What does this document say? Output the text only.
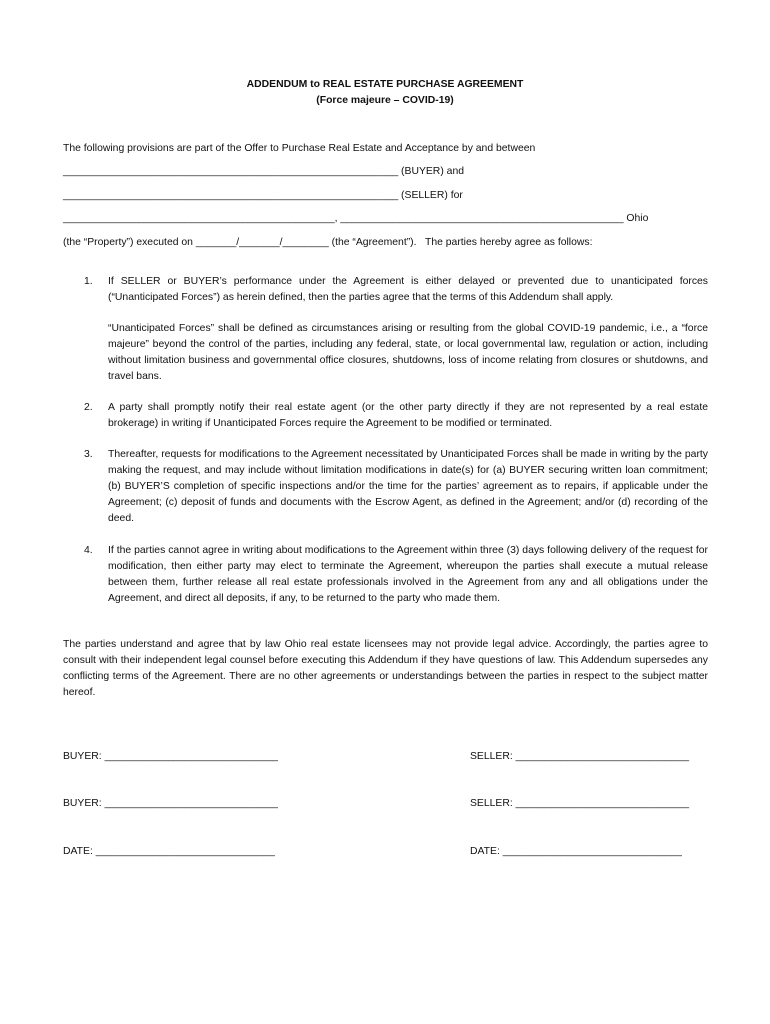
ADDENDUM to REAL ESTATE PURCHASE AGREEMENT
(Force majeure – COVID-19)
The following provisions are part of the Offer to Purchase Real Estate and Acceptance by and between
__________________________________________________________ (BUYER) and
__________________________________________________________ (SELLER) for
_______________________________________________, _________________________________________________ Ohio
(the “Property”) executed on _______/_______/________ (the “Agreement”).   The parties hereby agree as follows:
1.	If SELLER or BUYER’s performance under the Agreement is either delayed or prevented due to unanticipated forces (“Unanticipated Forces”) as herein defined, then the parties agree that the terms of this Addendum shall apply.
“Unanticipated Forces” shall be defined as circumstances arising or resulting from the global COVID-19 pandemic, i.e., a “force majeure” beyond the control of the parties, including any federal, state, or local governmental law, regulation or action, including without limitation business and governmental office closures, shutdowns, loss of income relating from closures or shutdowns, and travel bans.
2.	A party shall promptly notify their real estate agent (or the other party directly if they are not represented by a real estate brokerage) in writing if Unanticipated Forces require the Agreement to be modified or terminated.
3.	Thereafter, requests for modifications to the Agreement necessitated by Unanticipated Forces shall be made in writing by the party making the request, and may include without limitation modifications in date(s) for (a) BUYER securing written loan commitment; (b) BUYER’S completion of specific inspections and/or the time for the parties’ agreement as to repairs, if applicable under the Agreement; (c) deposit of funds and documents with the Escrow Agent, as defined in the Agreement; and/or (d) recording of the deed.
4.	If the parties cannot agree in writing about modifications to the Agreement within three (3) days following delivery of the request for modification, then either party may elect to terminate the Agreement, whereupon the parties shall execute a mutual release between them, further release all real estate professionals involved in the Agreement from any and all obligations under the Agreement, and direct all deposits, if any, to be returned to the party who made them.
The parties understand and agree that by law Ohio real estate licensees may not provide legal advice. Accordingly, the parties agree to consult with their independent legal counsel before executing this Addendum if they have questions of law. This Addendum supersedes any conflicting terms of the Agreement. There are no other agreements or understandings between the parties in respect to the subject matter hereof.
BUYER: ______________________________	SELLER: ______________________________
BUYER: ______________________________	SELLER: ______________________________
DATE: _______________________________	DATE: _______________________________
